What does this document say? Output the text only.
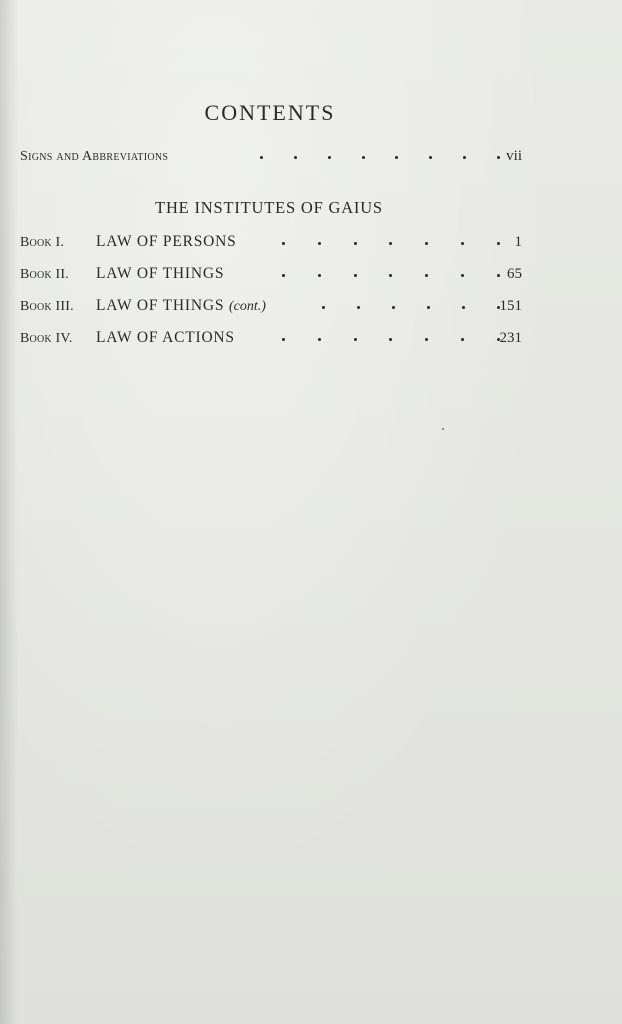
CONTENTS
Signs and Abbreviations	vii
THE INSTITUTES OF GAIUS
Book I. LAW OF PERSONS	1
Book II. LAW OF THINGS	65
Book III. LAW OF THINGS (cont.)	151
Book IV. LAW OF ACTIONS	231
